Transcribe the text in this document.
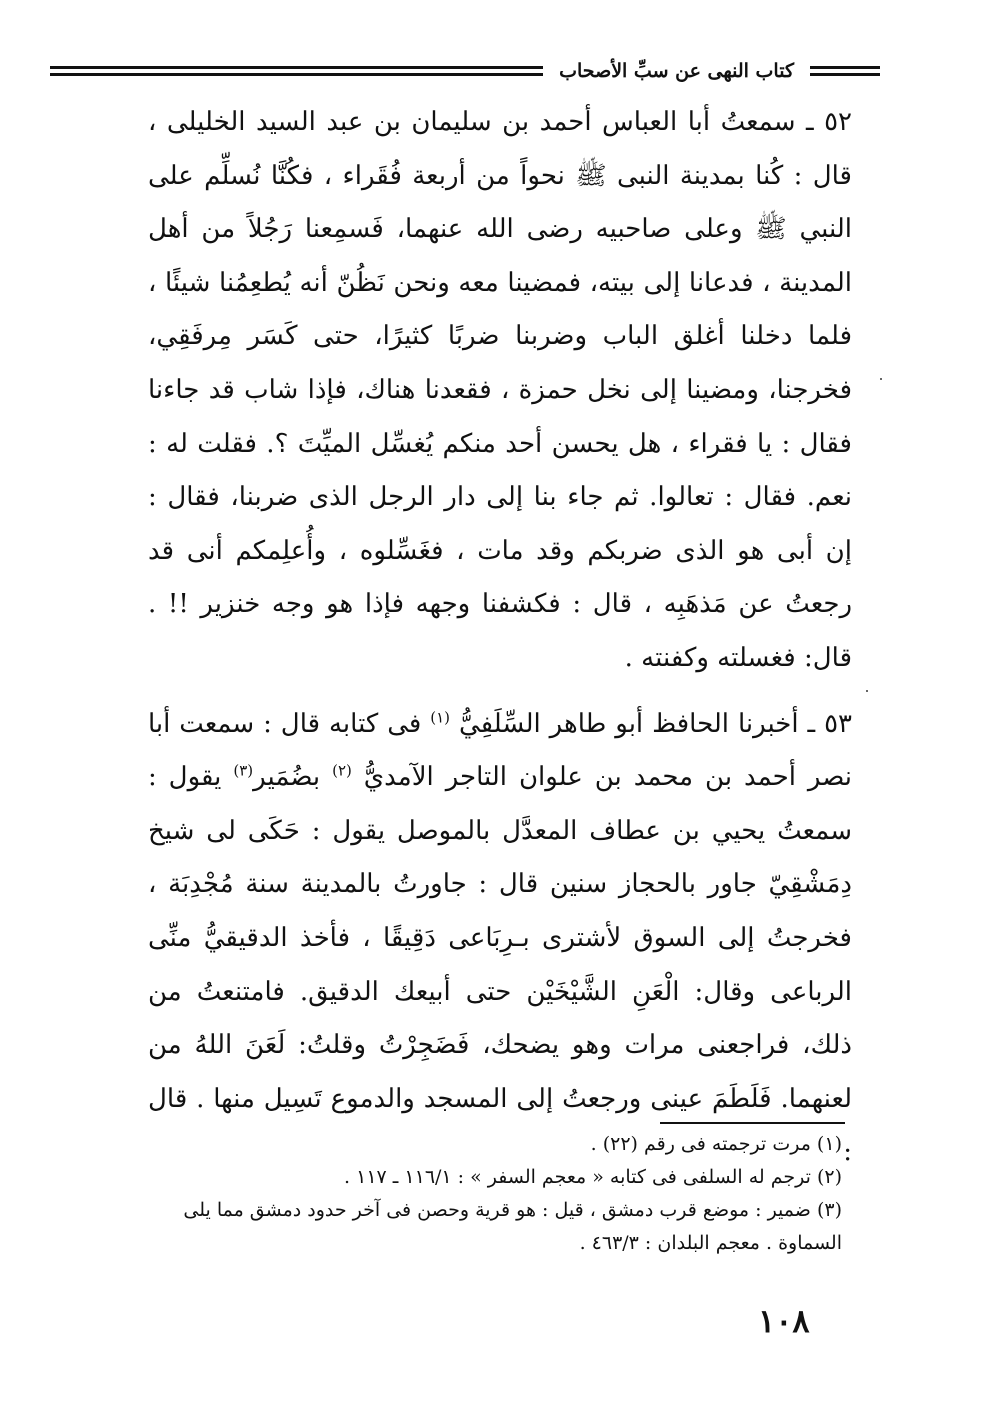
كتاب النهى عن سبِّ الأصحاب

٥٢ ـ سمعتُ أبا العباس أحمد بن سليمان بن عبد السيد الخليلى ، قال : كُنا بمدينة النبى ﷺ نحواً من أربعة فُقَراء ، فكُنَّا نُسلِّم على النبي ﷺ وعلى صاحبيه رضى الله عنهما، فَسمِعنا رَجُلاً من أهل المدينة ، فدعانا إلى بيته، فمضينا معه ونحن نَظُنّ أنه يُطعِمُنا شيئًا ، فلما دخلنا أغلق الباب وضربنا ضربًا كثيرًا، حتى كَسَر مِرفَقِي، فخرجنا، ومضينا إلى نخل حمزة ، فقعدنا هناك، فإذا شاب قد جاءنا فقال : يا فقراء ، هل يحسن أحد منكم يُغسِّل الميِّتَ ؟. فقلت له : نعم. فقال : تعالوا. ثم جاء بنا إلى دار الرجل الذى ضربنا، فقال : إن أبى هو الذى ضربكم وقد مات ، فغَسِّلوه ، وأُعلِمكم أنى قد رجعتُ عن مَذهَبِه ، قال : فكشفنا وجهه فإذا هو وجه خنزير !! . قال: فغسلته وكفنته .

٥٣ ـ أخبرنا الحافظ أبو طاهر السِّلَفِيُّ $^{(١)}$ فى كتابه قال : سمعت أبا نصر أحمد بن محمد بن علوان التاجر الآمديُّ $^{(٢)}$ بضُمَير$^{(٣)}$ يقول : سمعتُ يحيي بن عطاف المعدَّل بالموصل يقول : حَكَى لى شيخ دِمَشْقِيّ جاور بالحجاز سنين قال : جاورتُ بالمدينة سنة مُجْدِبَة ، فخرجتُ إلى السوق لأشترى بـرِبَاعى دَقِيقًا ، فأخذ الدقيقيُّ منِّى الرباعى وقال: الْعَنِ الشَّيْخَيْن حتى أبيعك الدقيق. فامتنعتُ من ذلك، فراجعنى مرات وهو يضحك، فَضَجِرْتُ وقلتُ: لَعَنَ اللهُ من لعنهما. فَلَطَمَ عينى ورجعتُ إلى المسجد والدموع تَسِيل منها . قال :

(١) مرت ترجمته فى رقم (٢٢) .
(٢) ترجم له السلفى فى كتابه « معجم السفر » : ١١٦/١ ـ ١١٧ .
(٣) ضمير : موضع قرب دمشق ، قيل : هو قرية وحصن فى آخر حدود دمشق مما يلى السماوة . معجم البلدان : ٤٦٣/٣ .
١٠٨
